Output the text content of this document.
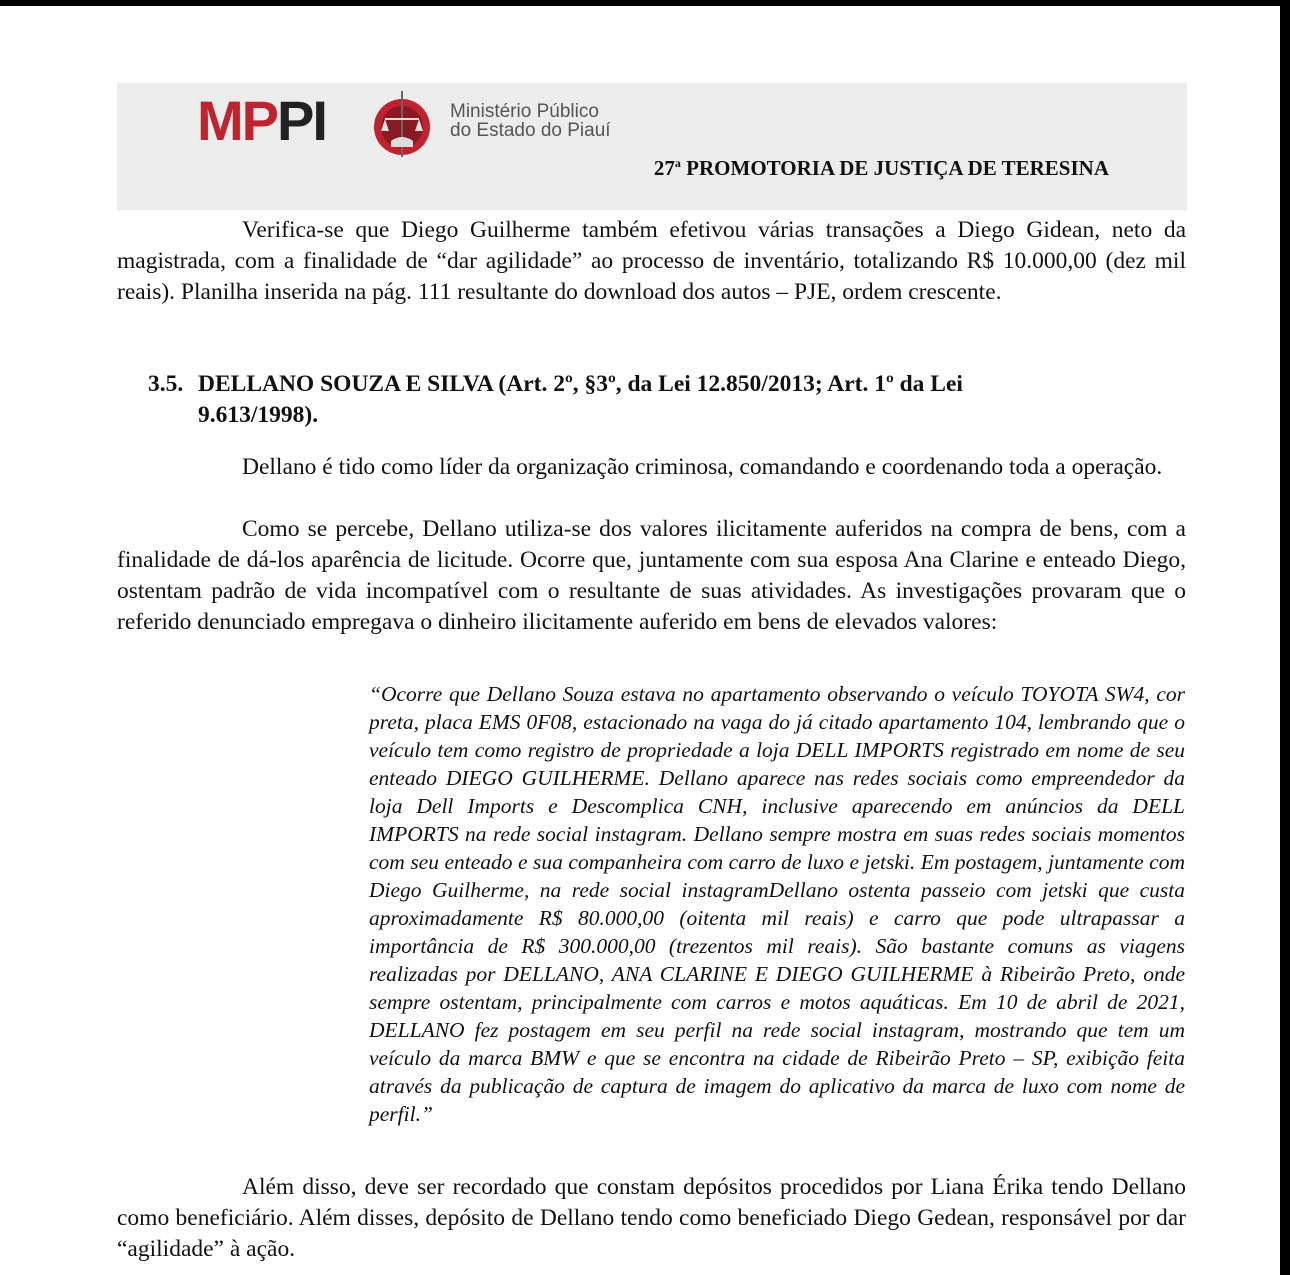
MPPI	Ministério Público
do Estado do Piauí
27$^a$ PROMOTORIA DE JUSTIÇA DE TERESINA

Verifica-se que Diego Guilherme também efetivou várias transações a Diego Gidean, neto da magistrada, com a finalidade de “dar agilidade” ao processo de inventário, totalizando R$ 10.000,00 (dez mil reais). Planilha inserida na pág. 111 resultante do download dos autos – PJE, ordem crescente.

3.5. DELLANO SOUZA E SILVA (Art. 2º, §3º, da Lei 12.850/2013; Art. 1º da Lei
9.613/1998).

Dellano é tido como líder da organização criminosa, comandando e coordenando toda a operação.

Como se percebe, Dellano utiliza-se dos valores ilicitamente auferidos na compra de bens, com a finalidade de dá-los aparência de licitude. Ocorre que, juntamente com sua esposa Ana Clarine e enteado Diego, ostentam padrão de vida incompatível com o resultante de suas atividades. As investigações provaram que o referido denunciado empregava o dinheiro ilicitamente auferido em bens de elevados valores:

“Ocorre que Dellano Souza estava no apartamento observando o veículo TOYOTA SW4, cor preta, placa EMS 0F08, estacionado na vaga do já citado apartamento 104, lembrando que o veículo tem como registro de propriedade a loja DELL IMPORTS registrado em nome de seu enteado DIEGO GUILHERME. Dellano aparece nas redes sociais como empreendedor da loja Dell Imports e Descomplica CNH, inclusive aparecendo em anúncios da DELL IMPORTS na rede social instagram. Dellano sempre mostra em suas redes sociais momentos com seu enteado e sua companheira com carro de luxo e jetski. Em postagem, juntamente com Diego Guilherme, na rede social instagramDellano ostenta passeio com jetski que custa aproximadamente R$ 80.000,00 (oitenta mil reais) e carro que pode ultrapassar a importância de R$ 300.000,00 (trezentos mil reais). São bastante comuns as viagens realizadas por DELLANO, ANA CLARINE E DIEGO GUILHERME à Ribeirão Preto, onde sempre ostentam, principalmente com carros e motos aquáticas. Em 10 de abril de 2021, DELLANO fez postagem em seu perfil na rede social instagram, mostrando que tem um veículo da marca BMW e que se encontra na cidade de Ribeirão Preto – SP, exibição feita através da publicação de captura de imagem do aplicativo da marca de luxo com nome de perfil.”

Além disso, deve ser recordado que constam depósitos procedidos por Liana Érika tendo Dellano como beneficiário. Além disses, depósito de Dellano tendo como beneficiado Diego Gedean, responsável por dar “agilidade” à ação.
